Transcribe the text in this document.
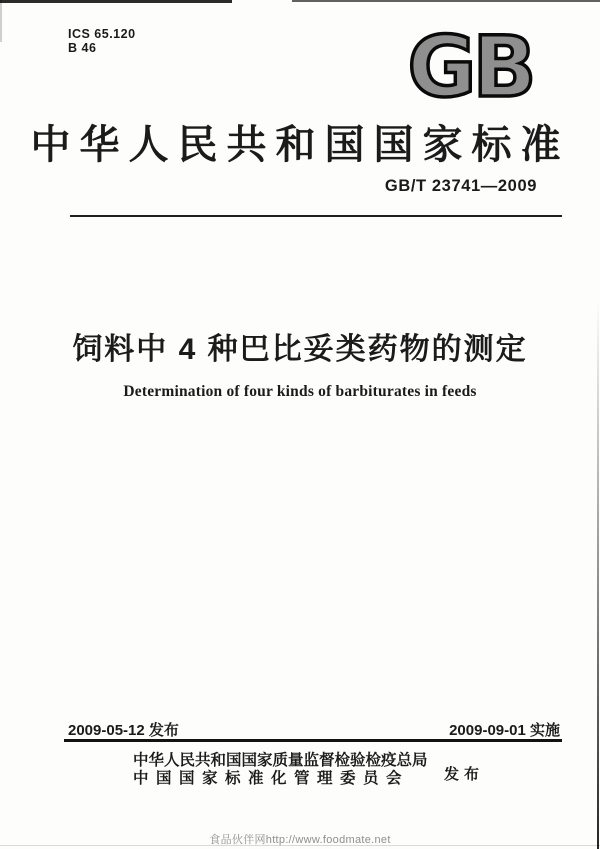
ICS 65.120
B 46	GB
中华人民共和国国家标准
GB/T 23741—2009
饲料中 4 种巴比妥类药物的测定
Determination of four kinds of barbiturates in feeds
2009-05-12 发布	2009-09-01 实施
中华人民共和国国家质量监督检验检疫总局
中国国家标准化管理委员会	发布
食品伙伴网http://www.foodmate.net
